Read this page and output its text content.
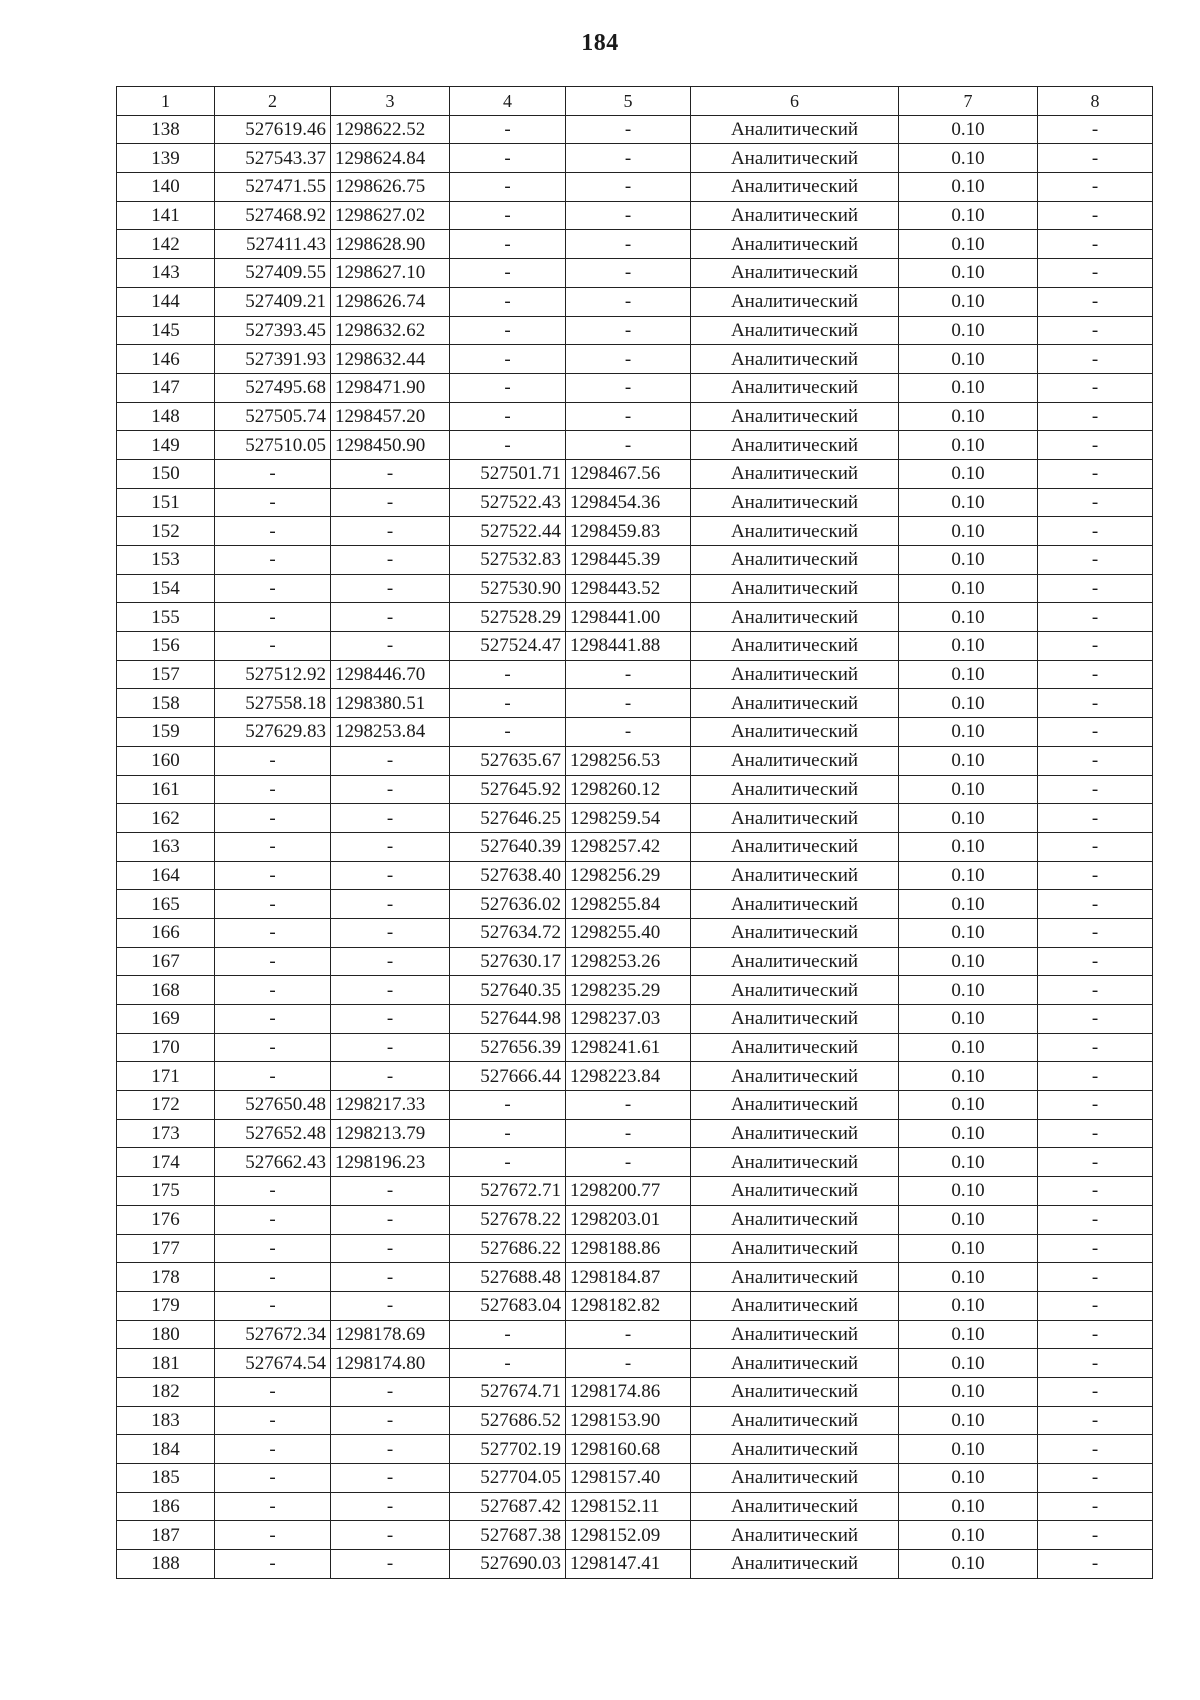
184
1	2	3	4	5	6	7	8
138	527619.46	1298622.52	-	-	Аналитический	0.10	-
139	527543.37	1298624.84	-	-	Аналитический	0.10	-
140	527471.55	1298626.75	-	-	Аналитический	0.10	-
141	527468.92	1298627.02	-	-	Аналитический	0.10	-
142	527411.43	1298628.90	-	-	Аналитический	0.10	-
143	527409.55	1298627.10	-	-	Аналитический	0.10	-
144	527409.21	1298626.74	-	-	Аналитический	0.10	-
145	527393.45	1298632.62	-	-	Аналитический	0.10	-
146	527391.93	1298632.44	-	-	Аналитический	0.10	-
147	527495.68	1298471.90	-	-	Аналитический	0.10	-
148	527505.74	1298457.20	-	-	Аналитический	0.10	-
149	527510.05	1298450.90	-	-	Аналитический	0.10	-
150	-	-	527501.71	1298467.56	Аналитический	0.10	-
151	-	-	527522.43	1298454.36	Аналитический	0.10	-
152	-	-	527522.44	1298459.83	Аналитический	0.10	-
153	-	-	527532.83	1298445.39	Аналитический	0.10	-
154	-	-	527530.90	1298443.52	Аналитический	0.10	-
155	-	-	527528.29	1298441.00	Аналитический	0.10	-
156	-	-	527524.47	1298441.88	Аналитический	0.10	-
157	527512.92	1298446.70	-	-	Аналитический	0.10	-
158	527558.18	1298380.51	-	-	Аналитический	0.10	-
159	527629.83	1298253.84	-	-	Аналитический	0.10	-
160	-	-	527635.67	1298256.53	Аналитический	0.10	-
161	-	-	527645.92	1298260.12	Аналитический	0.10	-
162	-	-	527646.25	1298259.54	Аналитический	0.10	-
163	-	-	527640.39	1298257.42	Аналитический	0.10	-
164	-	-	527638.40	1298256.29	Аналитический	0.10	-
165	-	-	527636.02	1298255.84	Аналитический	0.10	-
166	-	-	527634.72	1298255.40	Аналитический	0.10	-
167	-	-	527630.17	1298253.26	Аналитический	0.10	-
168	-	-	527640.35	1298235.29	Аналитический	0.10	-
169	-	-	527644.98	1298237.03	Аналитический	0.10	-
170	-	-	527656.39	1298241.61	Аналитический	0.10	-
171	-	-	527666.44	1298223.84	Аналитический	0.10	-
172	527650.48	1298217.33	-	-	Аналитический	0.10	-
173	527652.48	1298213.79	-	-	Аналитический	0.10	-
174	527662.43	1298196.23	-	-	Аналитический	0.10	-
175	-	-	527672.71	1298200.77	Аналитический	0.10	-
176	-	-	527678.22	1298203.01	Аналитический	0.10	-
177	-	-	527686.22	1298188.86	Аналитический	0.10	-
178	-	-	527688.48	1298184.87	Аналитический	0.10	-
179	-	-	527683.04	1298182.82	Аналитический	0.10	-
180	527672.34	1298178.69	-	-	Аналитический	0.10	-
181	527674.54	1298174.80	-	-	Аналитический	0.10	-
182	-	-	527674.71	1298174.86	Аналитический	0.10	-
183	-	-	527686.52	1298153.90	Аналитический	0.10	-
184	-	-	527702.19	1298160.68	Аналитический	0.10	-
185	-	-	527704.05	1298157.40	Аналитический	0.10	-
186	-	-	527687.42	1298152.11	Аналитический	0.10	-
187	-	-	527687.38	1298152.09	Аналитический	0.10	-
188	-	-	527690.03	1298147.41	Аналитический	0.10	-
